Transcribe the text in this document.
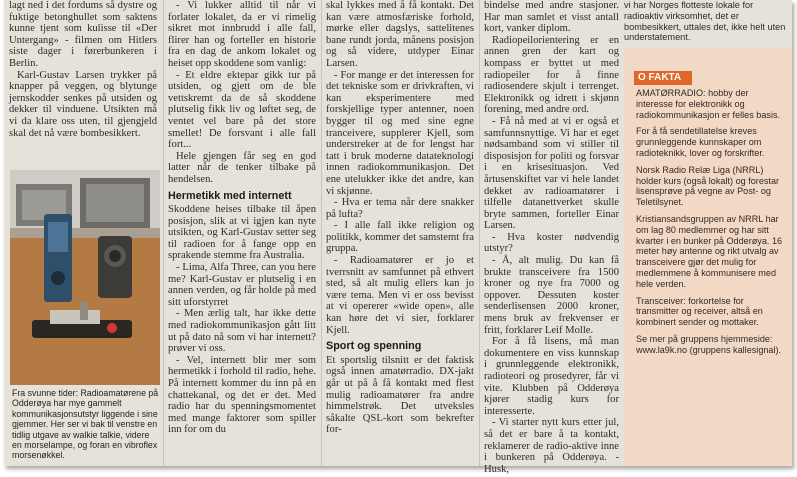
lagt ned i det fordums så dystre og fuktige betonghullet som saktens kunne tjent som kulisse til «Der Untergang» - filmen om Hitlers siste dager i førerbunkeren i Berlin.

Karl-Gustav Larsen trykker på knapper på veggen, og blytunge jernskodder senkes på utsiden og dekker til vinduene. Utsikten må vi da klare oss uten, til gjengjeld skal det nå være bombesikkert.

Fra svunne tider: Radioamatørene på Odderøya har mye gammelt kommunikasjonsutstyr liggende i sine gjemmer. Her ser vi bak til venstre en tidlig utgave av walkie talkie, videre en morselampe, og foran en vibroflex morsenøkkel.

- Vi lukker alltid til når vi forlater lokalet, da er vi rimelig sikret mot innbrudd i alle fall, flirer han og forteller en historie fra en dag de ankom lokalet og heiset opp skoddene som vanlig:

- Et eldre ektepar gikk tur på utsiden, og gjett om de ble vettskremt da de så skoddene plutselig fikk liv og løftet seg, de ventet vel bare på det store smellet! De forsvant i alle fall fort...

Hele gjengen får seg en god latter når de tenker tilbake på hendelsen.

Hermetikk med internett

Skoddene heises tilbake til åpen posisjon, slik at vi igjen kan nyte utsikten, og Karl-Gustav setter seg til radioen for å fange opp en sprakende stemme fra Australia.

- Lima, Alfa Three, can you here me? Karl-Gustav er plutselig i en annen verden, og får holde på med sitt uforstyrret

- Men ærlig talt, har ikke dette med radiokommunikasjon gått litt ut på dato nå som vi har internett? prøver vi oss.

- Vel, internett blir mer som hermetikk i forhold til radio, hehe. På internett kommer du inn på en chattekanal, og det er det. Med radio har du spenningsmomentet med mange faktorer som spiller inn for om du

skal lykkes med å få kontakt. Det kan være atmosfæriske forhold, mørke eller dagslys, sattelitenes bane rundt jorda, månens posisjon og så videre, utdyper Einar Larsen.

- For mange er det interessen for det tekniske som er drivkraften, vi kan eksperimentere med forskjellige typer antenner, noen bygger til og med sine egne tranceivere, supplerer Kjell, som understreker at de for lengst har tatt i bruk moderne datateknologi innen radiokommunikasjon. Det ene utelukker ikke det andre, kan vi skjønne.

- Hva er tema når dere snakker på lufta?

- I alle fall ikke religion og politikk, kommer det samstemt fra gruppa.

- Radioamatører er jo et tverrsnitt av samfunnet på ethvert sted, så alt mulig ellers kan jo være tema. Men vi er oss bevisst at vi opererer «wide open», alle kan høre det vi sier, forklarer Kjell.

Sport og spenning

Et sportslig tilsnitt er det faktisk også innen amatørradio. DX-jakt går ut på å få kontakt med flest mulig radioamatører fra andre himmelstrøk. Det utveksles såkalte QSL-kort som bekrefter for-

bindelse med andre stasjoner. Har man samlet et visst antall kort, vanker diplom.

Radiopeilorientering er en annen gren der kart og kompass er byttet ut med radiopeiler for å finne radiosendere skjult i terrenget. Elektronikk og idrett i skjønn forening, med andre ord.

- Få nå med at vi er også et samfunnsnyttige. Vi har et eget nødsamband som vi stiller til disposisjon for politi og forsvar i en krisesituasjon. Ved årtusenskiftet var vi hele landet dekket av radioamatører i tilfelle datanettverket skulle bryte sammen, forteller Einar Larsen.

- Hva koster nødvendig utstyr?

- Å, alt mulig. Du kan få brukte transceivere fra 1500 kroner og nye fra 7000 og oppover. Dessuten koster senderlisensen 2000 kroner, mens bruk av frekvenser er fritt, forklarer Leif Molle.

For å få lisens, må man dokumentere en viss kunnskap i grunnleggende elektronikk, radioteori og prosedyrer, får vi vite. Klubben på Odderøya kjører stadig kurs for interesserte.

- Vi starter nytt kurs etter jul, så det er bare å ta kontakt, reklamerer de radio-aktive inne i bunkeren på Odderøya. - Husk,

vi har Norges flotteste lokale for radioaktiv virksomhet, det er bombesikkert, uttales det, ikke helt uten understatement.
O FAKTA

AMATØRRADIO: hobby der interesse for elektronikk og radiokommunikasjon er felles basis.

For å få sendetillatelse kreves grunnleggende kunnskaper om radioteknikk, lover og forskrifter.

Norsk Radio Relæ Liga (NRRL) holder kurs (også lokalt) og forestar lisensprøve på vegne av Post- og Teletilsynet.

Kristiansandsgruppen av NRRL har om lag 80 medlemmer og har sitt kvarter i en bunker på Odderøya. 16 meter høy antenne og rikt utvalg av transceivere gjør det mulig for medlemmene å kommunisere med hele verden.

Transceiver: forkortelse for transmitter og receiver, altså en kombinert sender og mottaker.

Se mer på gruppens hjemmeside: www.la9k.no (gruppens kallesignal).
